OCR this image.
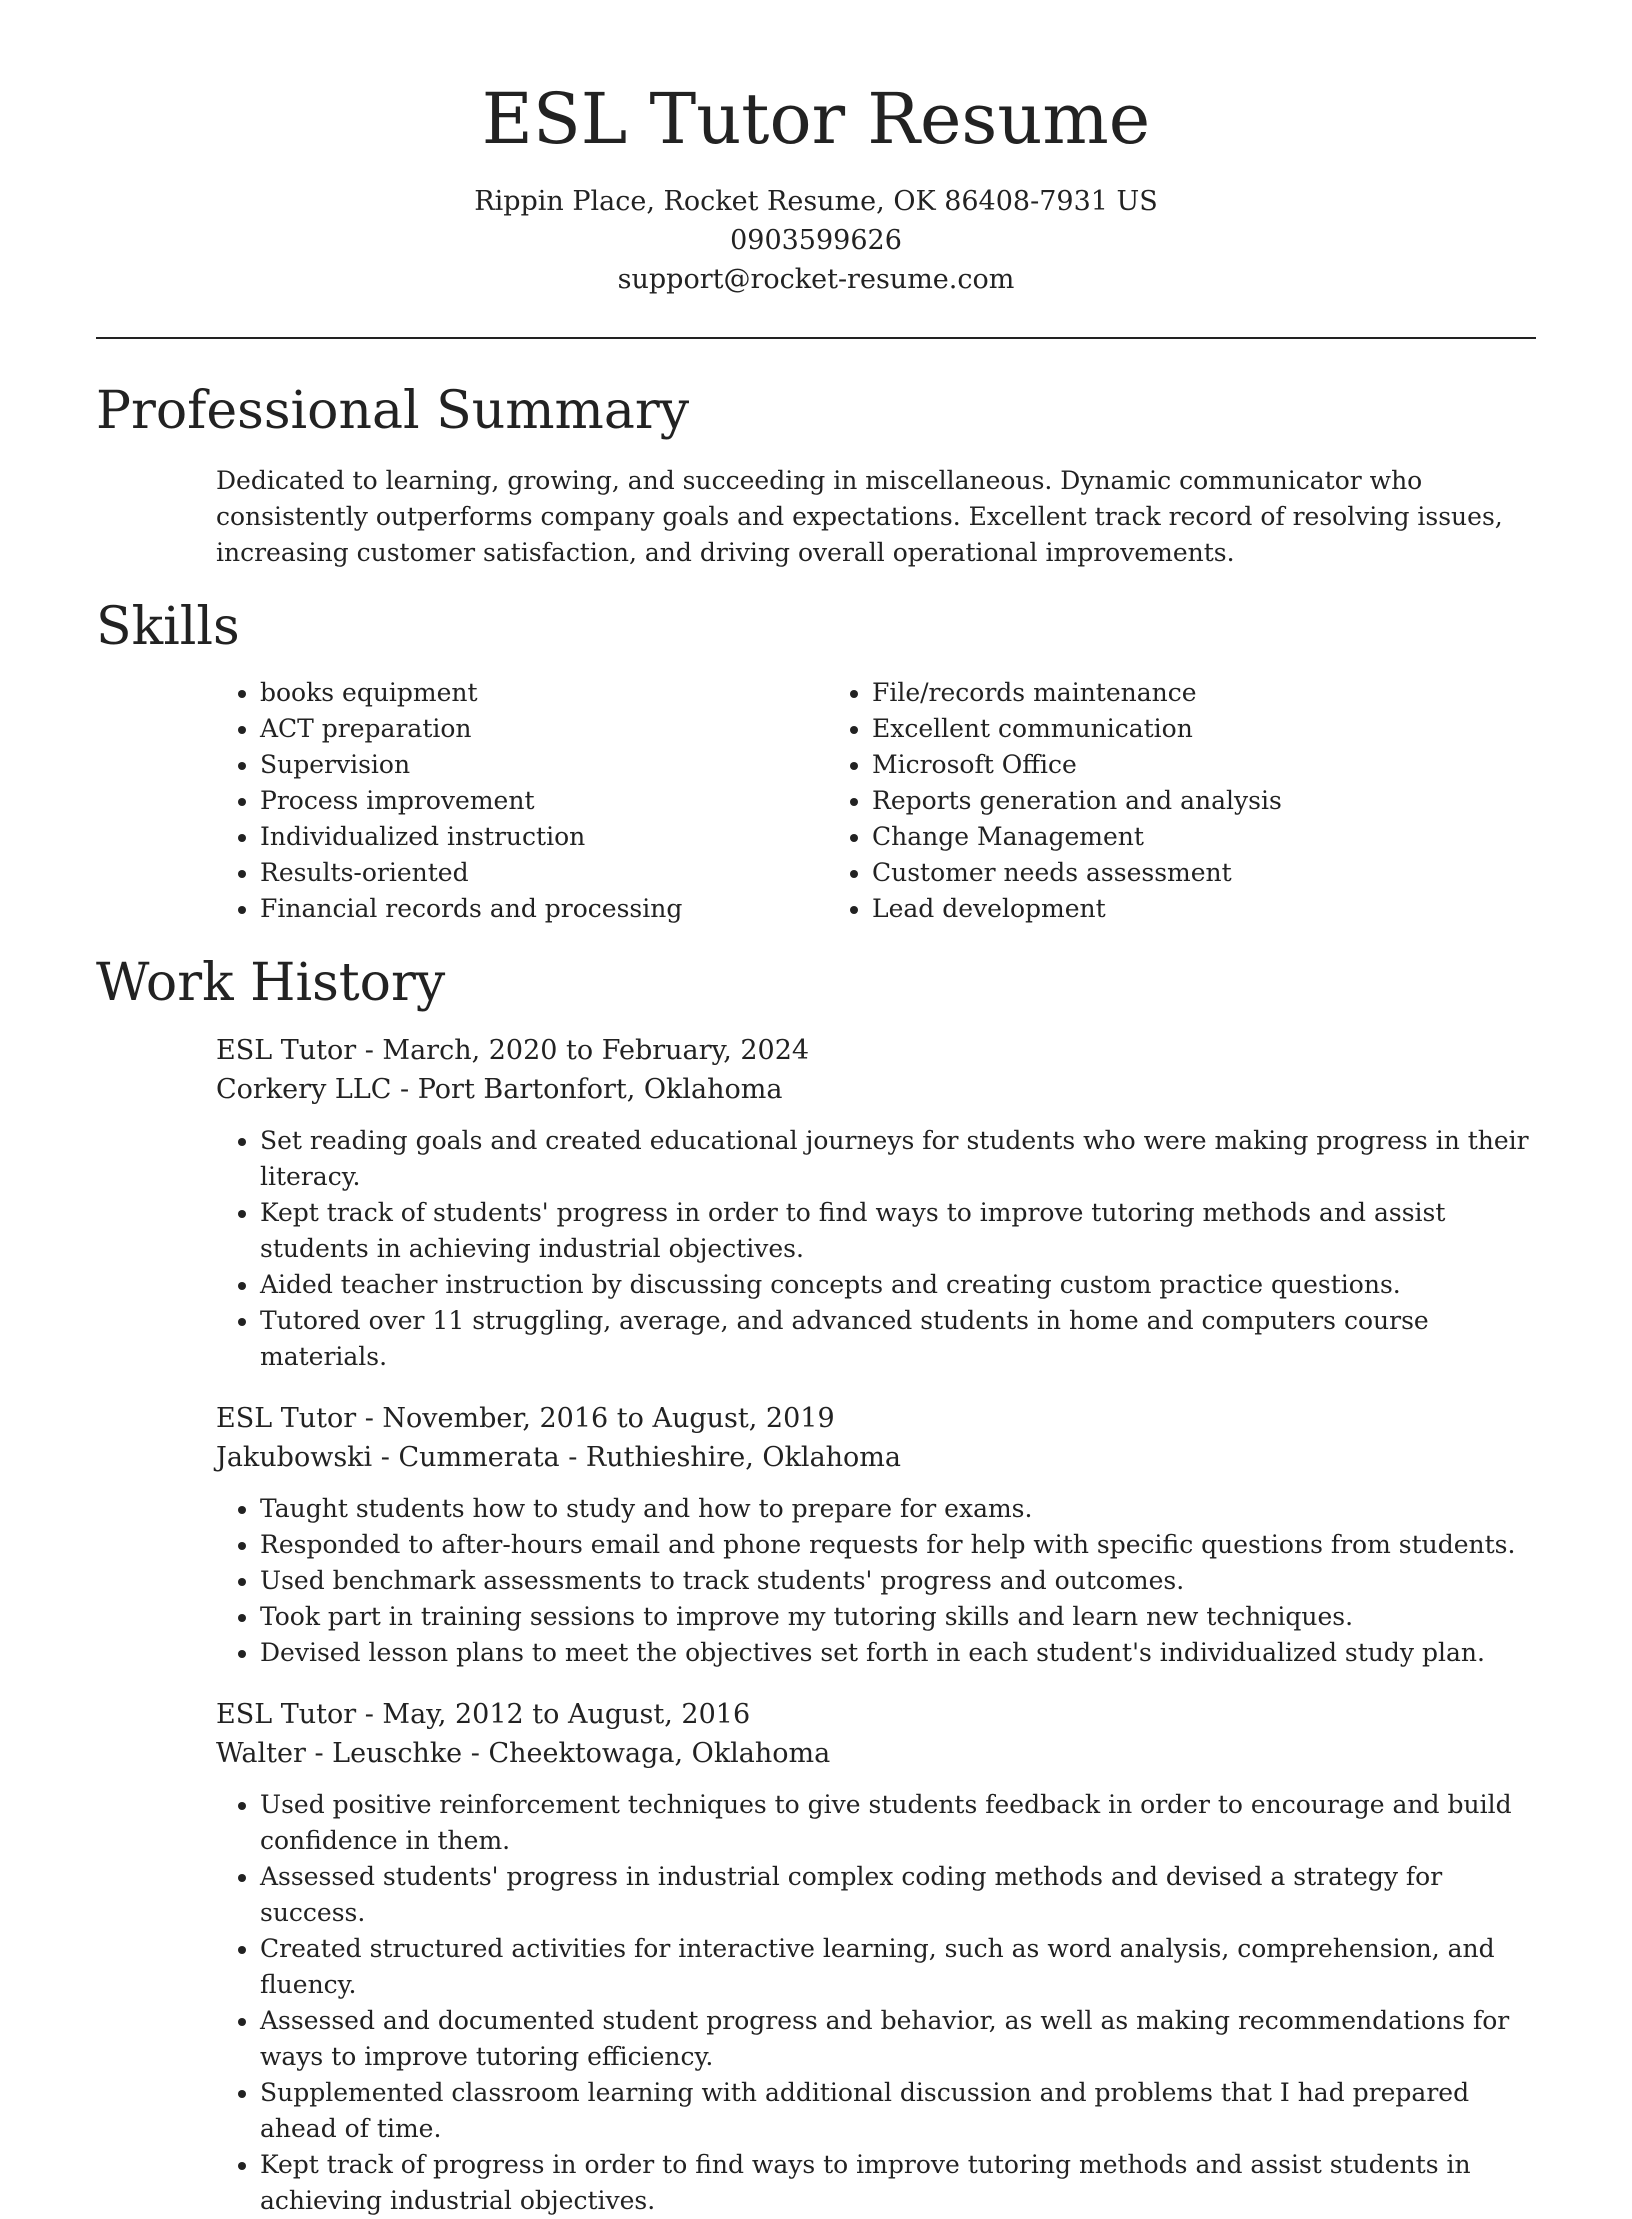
ESL Tutor Resume
Rippin Place, Rocket Resume, OK 86408-7931 US
0903599626
support@rocket-resume.com
Professional Summary
Dedicated to learning, growing, and succeeding in miscellaneous. Dynamic communicator who consistently outperforms company goals and expectations. Excellent track record of resolving issues, increasing customer satisfaction, and driving overall operational improvements.
Skills
• books equipment
• ACT preparation
• Supervision
• Process improvement
• Individualized instruction
• Results-oriented
• Financial records and processing
• File/records maintenance
• Excellent communication
• Microsoft Office
• Reports generation and analysis
• Change Management
• Customer needs assessment
• Lead development
Work History
ESL Tutor - March, 2020 to February, 2024
Corkery LLC - Port Bartonfort, Oklahoma
• Set reading goals and created educational journeys for students who were making progress in their literacy.
• Kept track of students' progress in order to find ways to improve tutoring methods and assist students in achieving industrial objectives.
• Aided teacher instruction by discussing concepts and creating custom practice questions.
• Tutored over 11 struggling, average, and advanced students in home and computers course materials.
ESL Tutor - November, 2016 to August, 2019
Jakubowski - Cummerata - Ruthieshire, Oklahoma
• Taught students how to study and how to prepare for exams.
• Responded to after-hours email and phone requests for help with specific questions from students.
• Used benchmark assessments to track students' progress and outcomes.
• Took part in training sessions to improve my tutoring skills and learn new techniques.
• Devised lesson plans to meet the objectives set forth in each student's individualized study plan.
ESL Tutor - May, 2012 to August, 2016
Walter - Leuschke - Cheektowaga, Oklahoma
• Used positive reinforcement techniques to give students feedback in order to encourage and build confidence in them.
• Assessed students' progress in industrial complex coding methods and devised a strategy for success.
• Created structured activities for interactive learning, such as word analysis, comprehension, and fluency.
• Assessed and documented student progress and behavior, as well as making recommendations for ways to improve tutoring efficiency.
• Supplemented classroom learning with additional discussion and problems that I had prepared ahead of time.
• Kept track of progress in order to find ways to improve tutoring methods and assist students in achieving industrial objectives.
